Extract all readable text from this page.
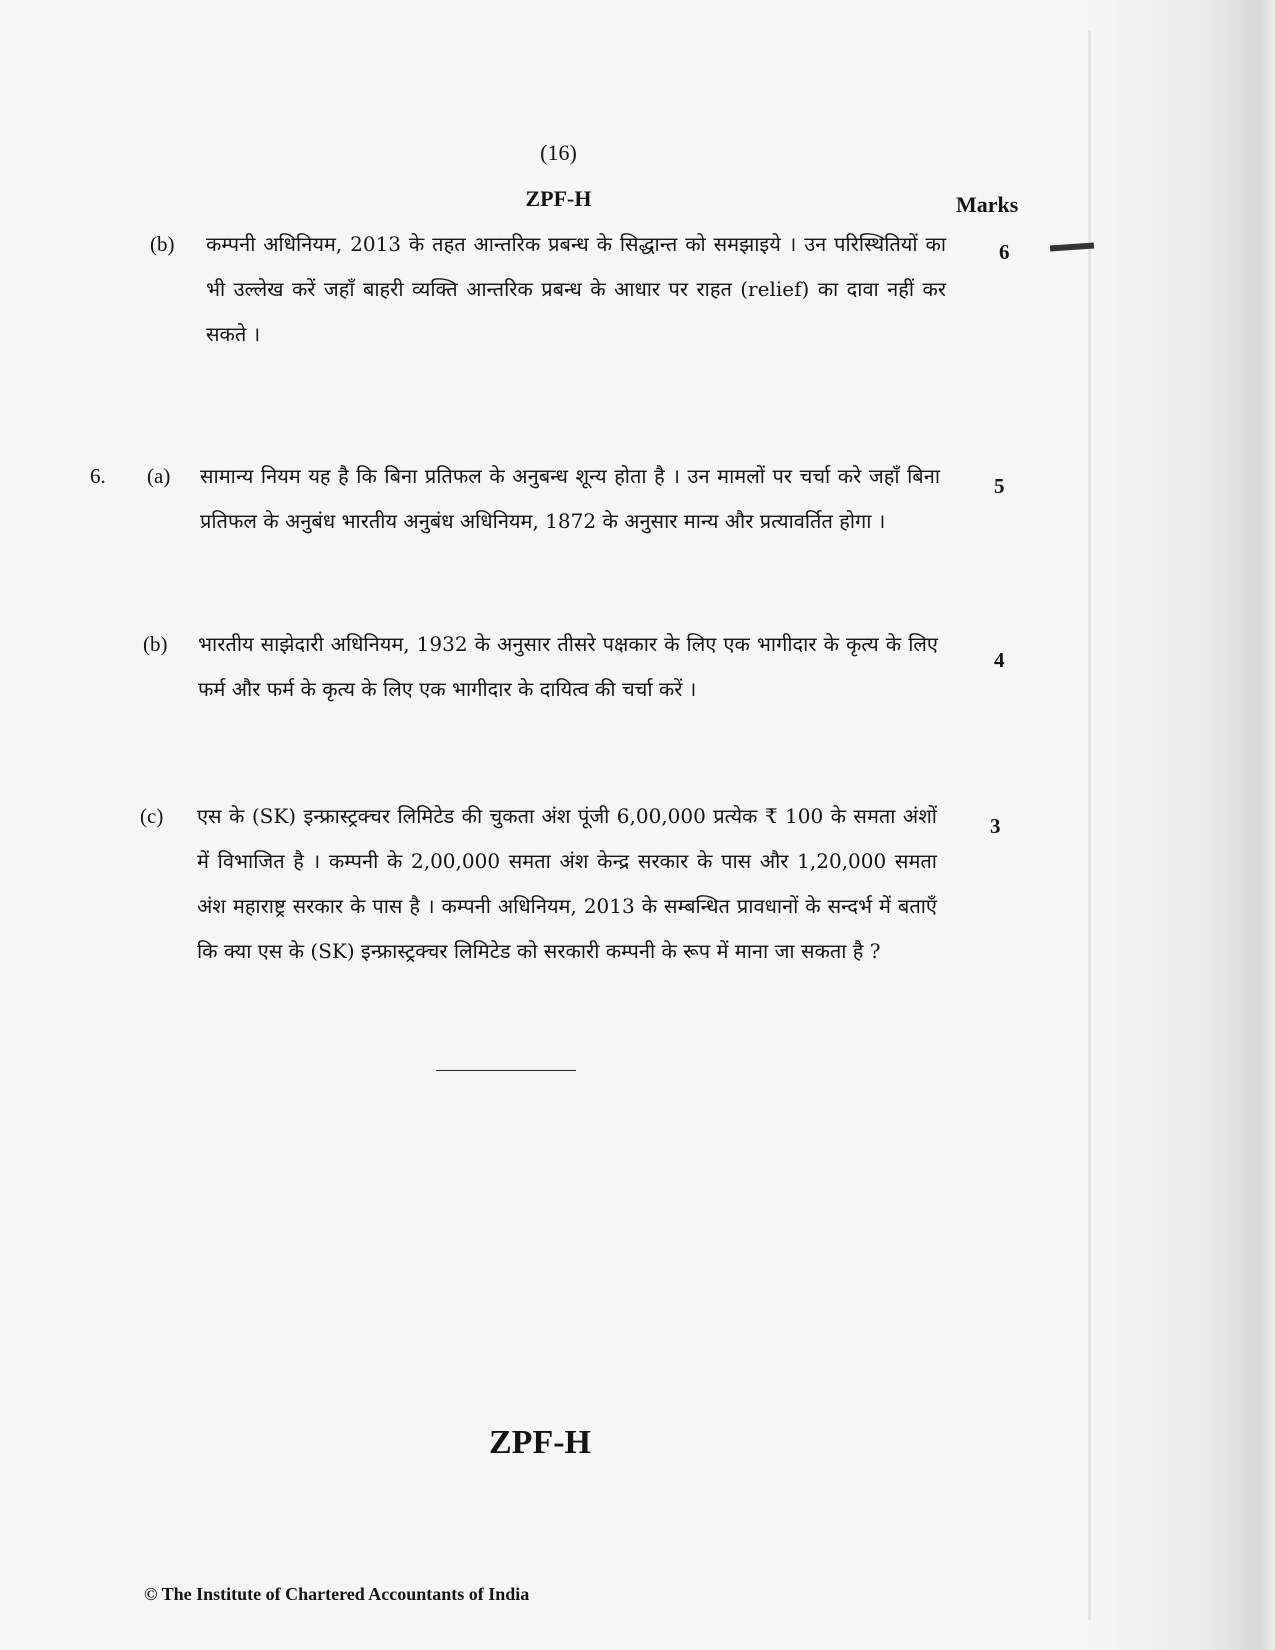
(16)
ZPF-H	Marks
(b) कम्पनी अधिनियम, 2013 के तहत आन्तरिक प्रबन्ध के सिद्धान्त को समझाइये । उन परिस्थितियों का भी उल्लेख करें जहाँ बाहरी व्यक्ति आन्तरिक प्रबन्ध के आधार पर राहत (relief) का दावा नहीं कर सकते ।
6
6. (a) सामान्य नियम यह है कि बिना प्रतिफल के अनुबन्ध शून्य होता है । उन मामलों पर चर्चा करे जहाँ बिना प्रतिफल के अनुबंध भारतीय अनुबंध अधिनियम, 1872 के अनुसार मान्य और प्रत्यावर्तित होगा ।
5
(b) भारतीय साझेदारी अधिनियम, 1932 के अनुसार तीसरे पक्षकार के लिए एक भागीदार के कृत्य के लिए फर्म और फर्म के कृत्य के लिए एक भागीदार के दायित्व की चर्चा करें ।
4
(c) एस के (SK) इन्फ्रास्ट्रक्चर लिमिटेड की चुकता अंश पूंजी 6,00,000 प्रत्येक ₹ 100 के समता अंशों में विभाजित है । कम्पनी के 2,00,000 समता अंश केन्द्र सरकार के पास और 1,20,000 समता अंश महाराष्ट्र सरकार के पास है । कम्पनी अधिनियम, 2013 के सम्बन्धित प्रावधानों के सन्दर्भ में बताएँ कि क्या एस के (SK) इन्फ्रास्ट्रक्चर लिमिटेड को सरकारी कम्पनी के रूप में माना जा सकता है ?
3
ZPF-H
© The Institute of Chartered Accountants of India
